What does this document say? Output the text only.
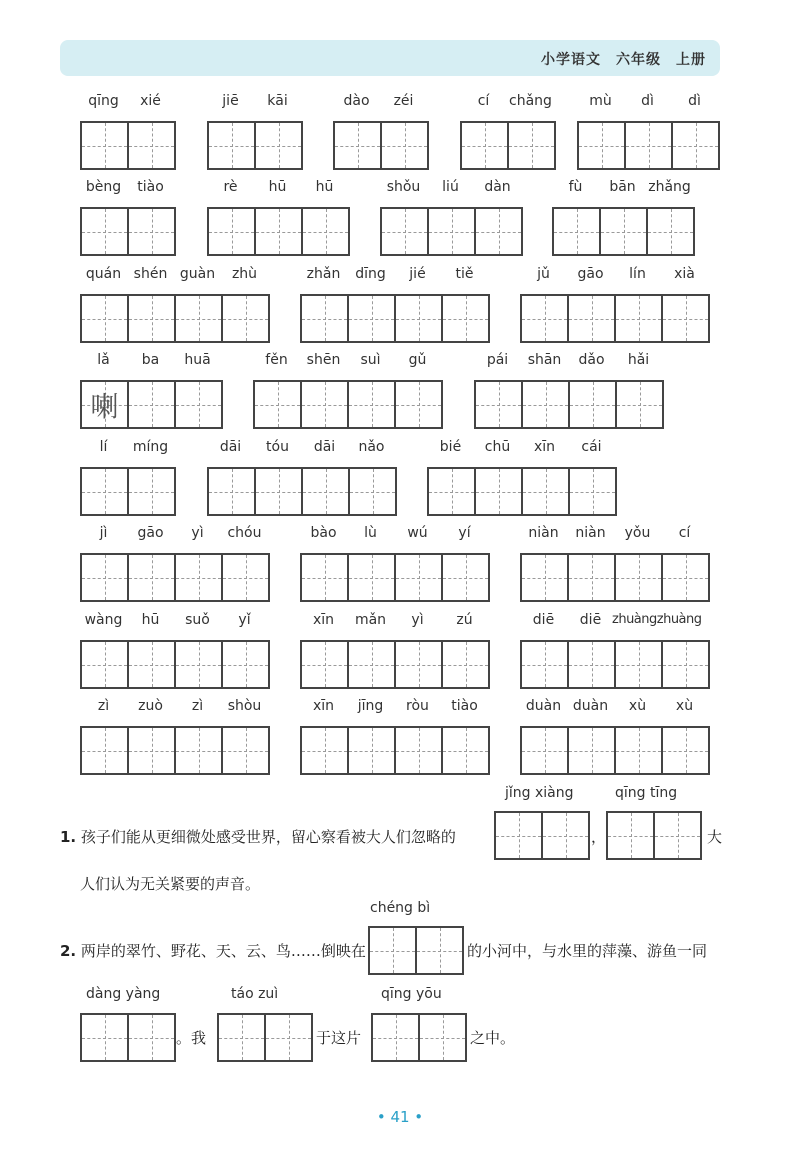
小学语文　六年级　上册
qīng	xié	jiē	kāi	dào	zéi	cí	chǎng	mù	dì	dì
bèng	tiào	rè	hū	hū	shǒu	liú	dàn	fù	bān zhǎng
quán shén guàn	zhù	zhǎn	dīng	jié	tiě	jǔ	gāo	lín	xià
lǎ	ba	huā
喇
fěn	shēn	suì	gǔ	pái	shān	dǎo	hǎi
lí	míng	dāi	tóu	dāi	nǎo	bié	chū	xīn	cái
jì	gāo	yì	chóu	bào	lù	wú	yí	niàn	niàn	yǒu	cí
wàng	hū	suǒ	yǐ	xīn	mǎn	yì	zú	diē	diē zhuàngzhuàng
zì	zuò	zì	shòu	xīn	jīng	ròu	tiào	duàn duàn	xù	xù
jǐng xiàng	qīng tīng
1. 孩子们能从更细微处感受世界，留心察看被大人们忽略的	，	大
人们认为无关紧要的声音。
chéng bì
2. 两岸的翠竹、野花、天、云、鸟……倒映在	的小河中，与水里的萍藻、游鱼一同
dàng yàng	táo zuì	qīng yōu
。我	于这片	之中。
• 41 •
